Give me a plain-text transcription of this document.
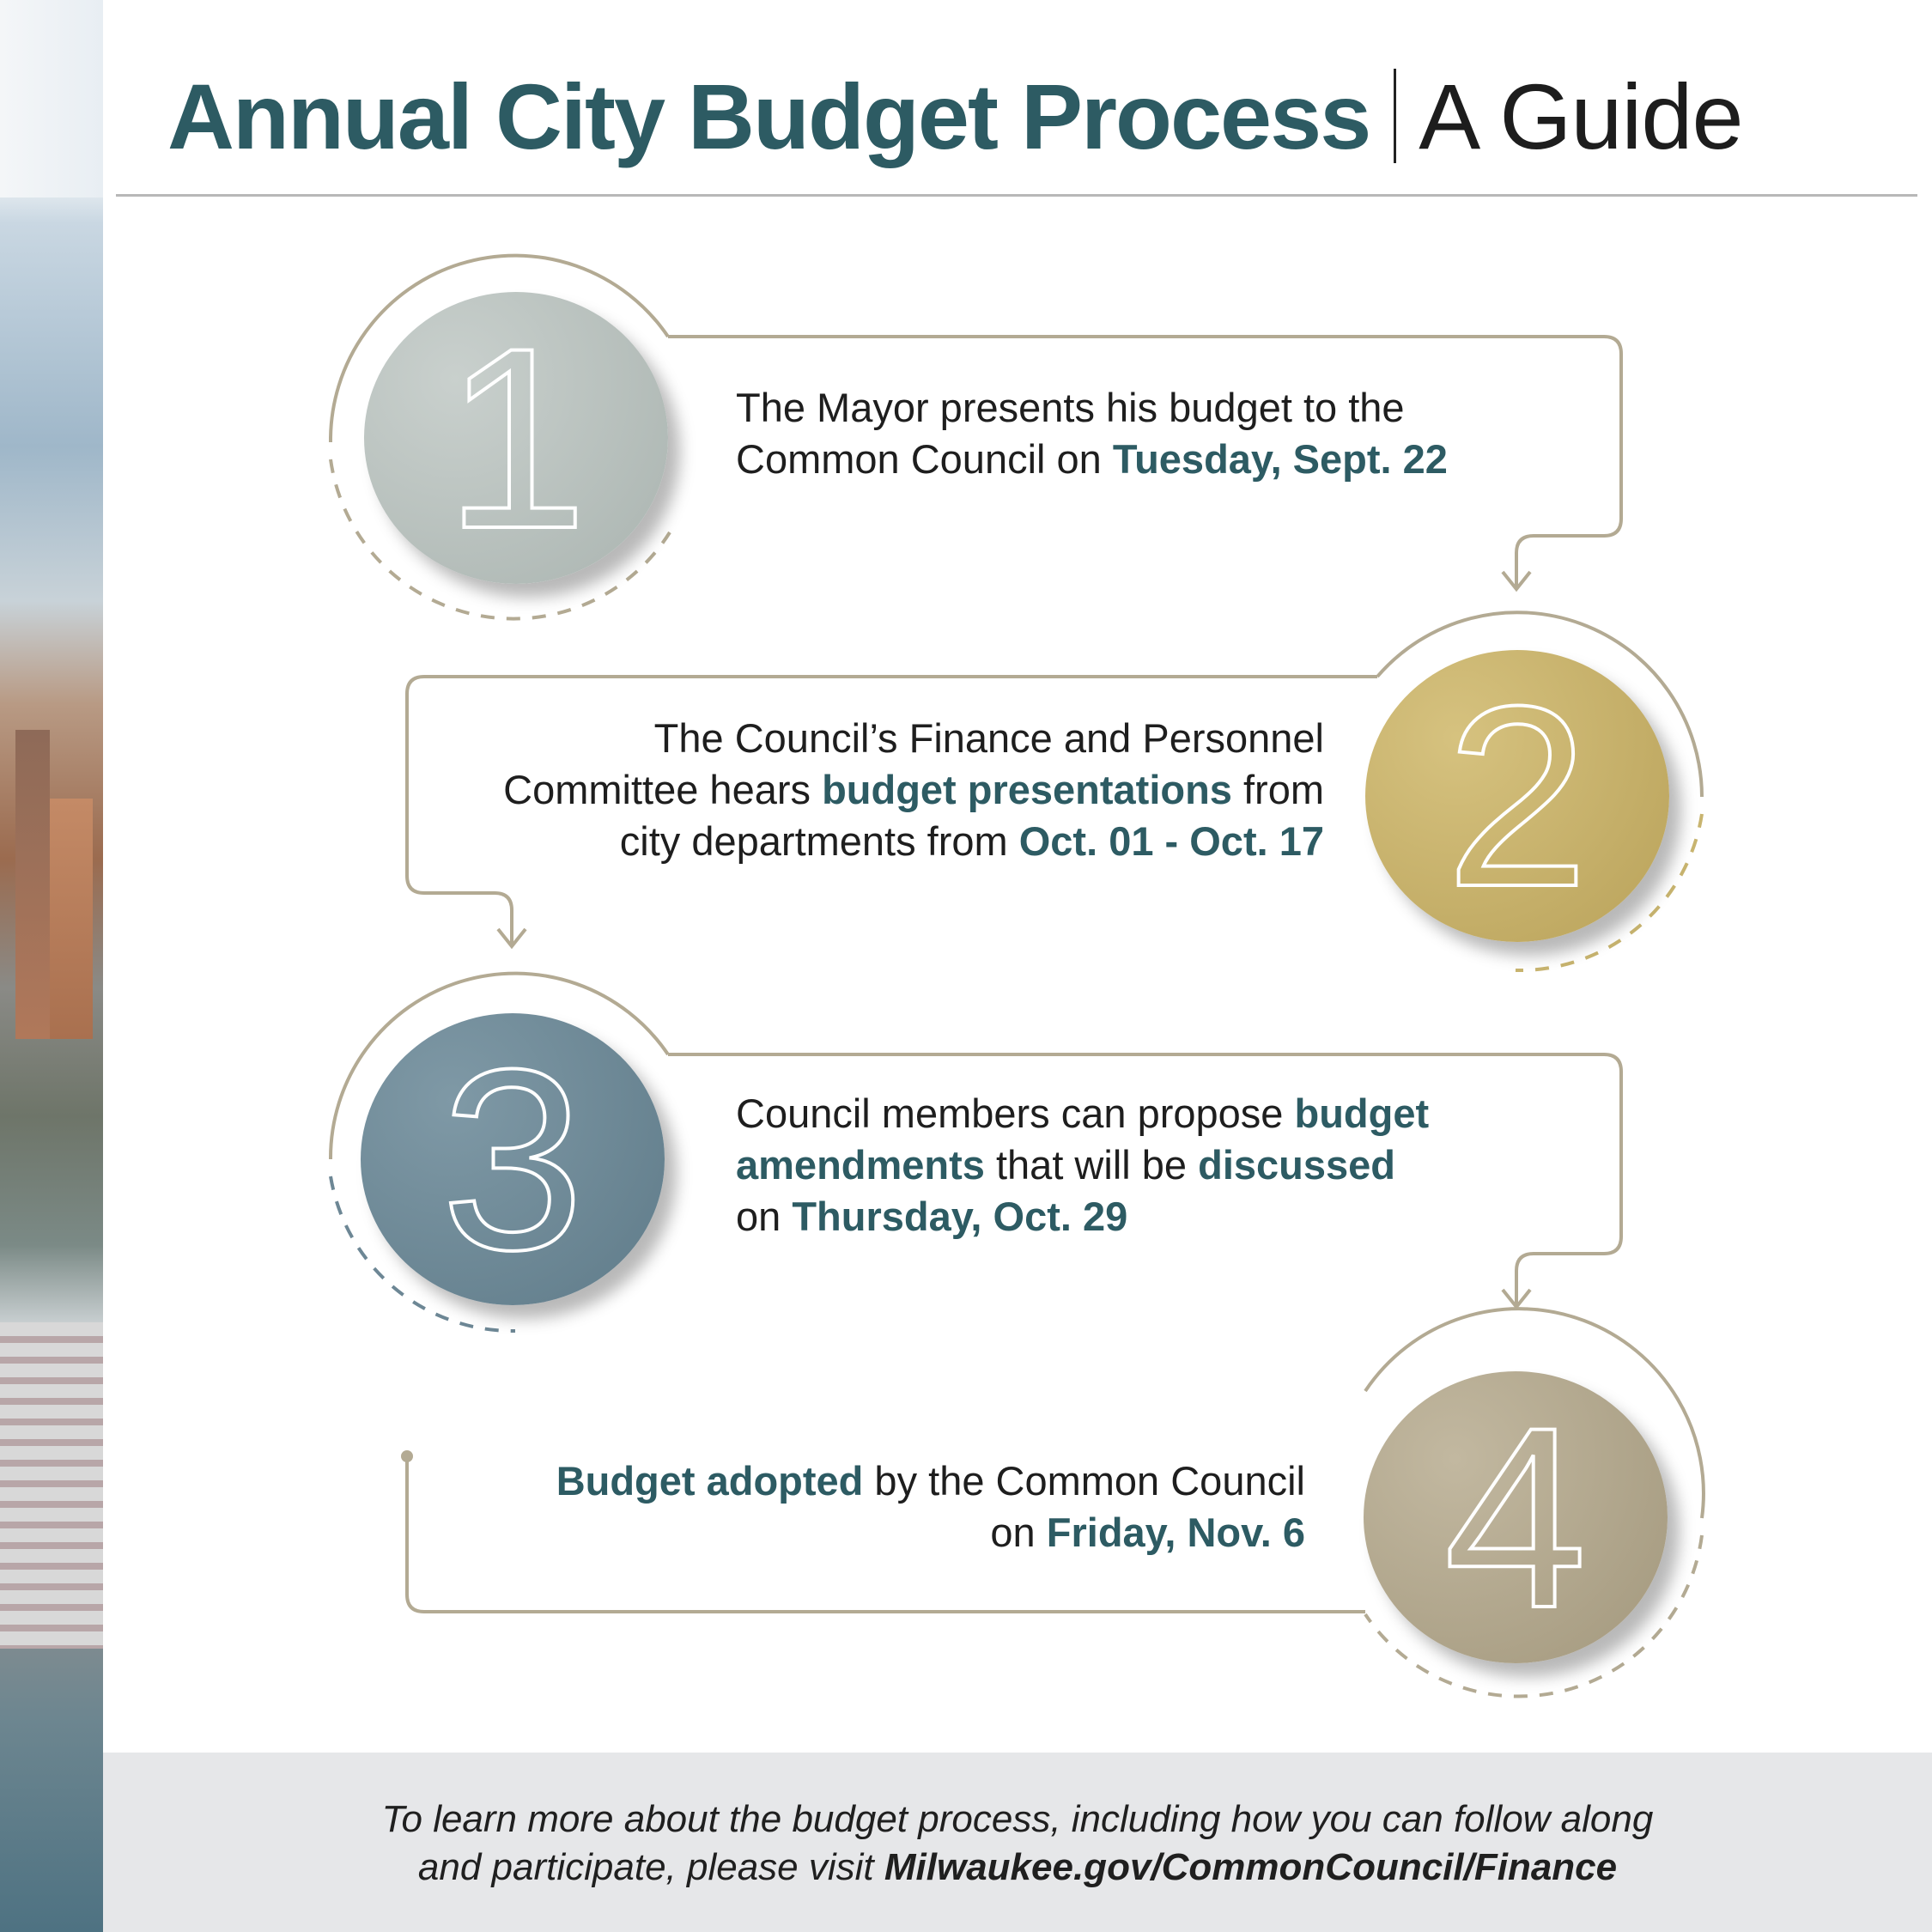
Annual City Budget Process A Guide
1
2
3
4
The Mayor presents his budget to the Common Council on Tuesday, Sept. 22
The Council’s Finance and Personnel
Committee hears budget presentations from
city departments from Oct. 01 - Oct. 17
Council members can propose budget amendments that will be discussed
on Thursday, Oct. 29
Budget adopted by the Common Council
on Friday, Nov. 6
To learn more about the budget process, including how you can follow along
and participate, please visit Milwaukee.gov/CommonCouncil/Finance
